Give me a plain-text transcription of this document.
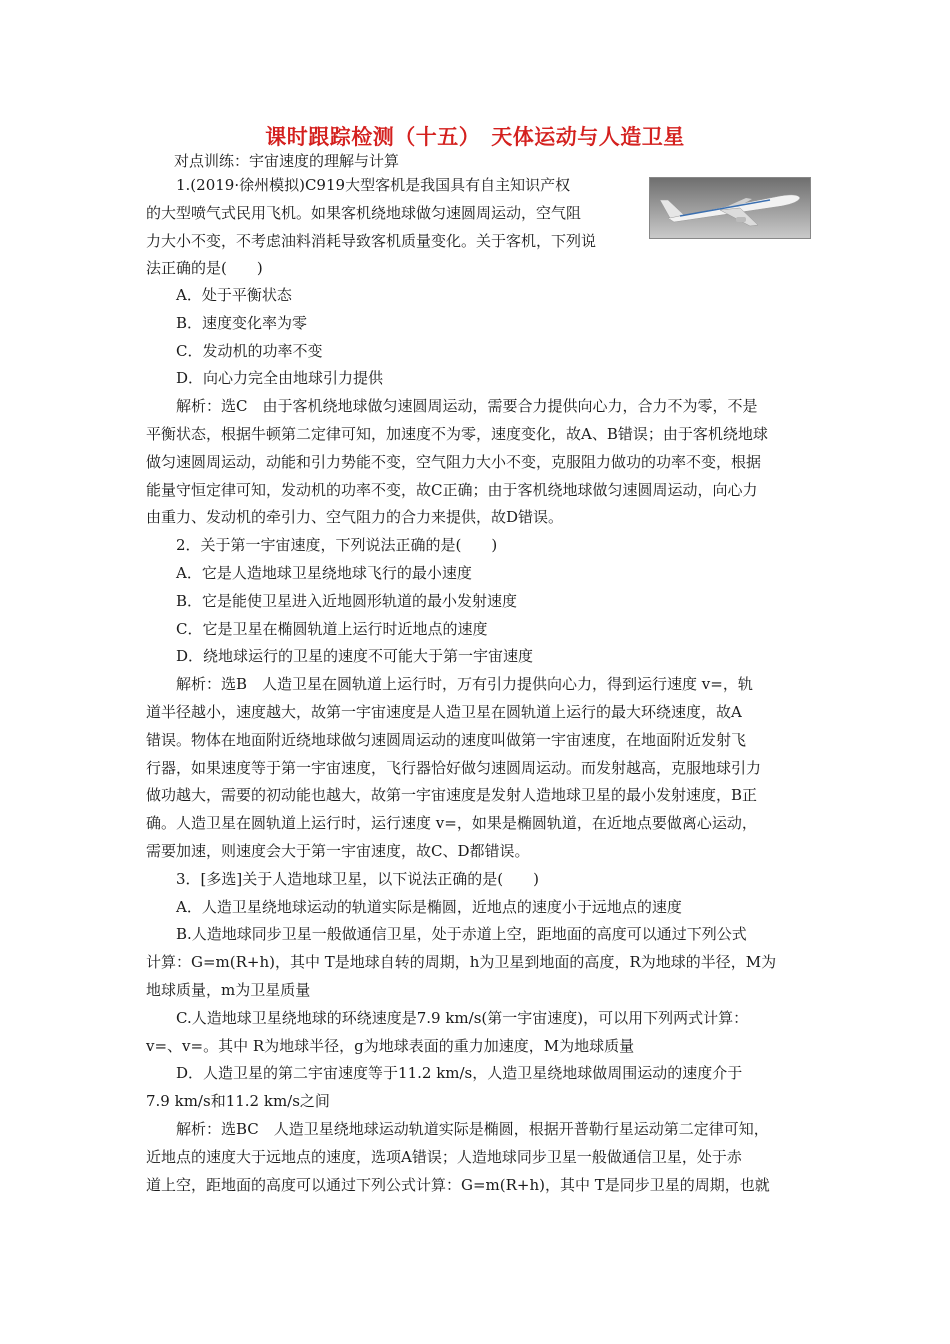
课时跟踪检测（十五）　天体运动与人造卫星
对点训练：宇宙速度的理解与计算

1.(2019·徐州模拟)C919大型客机是我国具有自主知识产权

的大型喷气式民用飞机。如果客机绕地球做匀速圆周运动，空气阻

力大小不变，不考虑油料消耗导致客机质量变化。关于客机，下列说

法正确的是(　　)

A．处于平衡状态

B．速度变化率为零

C．发动机的功率不变

D．向心力完全由地球引力提供

解析：选C　由于客机绕地球做匀速圆周运动，需要合力提供向心力，合力不为零，不是

平衡状态，根据牛顿第二定律可知，加速度不为零，速度变化，故A、B错误；由于客机绕地球

做匀速圆周运动，动能和引力势能不变，空气阻力大小不变，克服阻力做功的功率不变，根据

能量守恒定律可知，发动机的功率不变，故C正确；由于客机绕地球做匀速圆周运动，向心力

由重力、发动机的牵引力、空气阻力的合力来提供，故D错误。

2．关于第一宇宙速度，下列说法正确的是(　　)

A．它是人造地球卫星绕地球飞行的最小速度

B．它是能使卫星进入近地圆形轨道的最小发射速度

C．它是卫星在椭圆轨道上运行时近地点的速度

D．绕地球运行的卫星的速度不可能大于第一宇宙速度

解析：选B　人造卫星在圆轨道上运行时，万有引力提供向心力，得到运行速度 v=，轨

道半径越小，速度越大，故第一宇宙速度是人造卫星在圆轨道上运行的最大环绕速度，故A

错误。物体在地面附近绕地球做匀速圆周运动的速度叫做第一宇宙速度，在地面附近发射飞

行器，如果速度等于第一宇宙速度，飞行器恰好做匀速圆周运动。而发射越高，克服地球引力

做功越大，需要的初动能也越大，故第一宇宙速度是发射人造地球卫星的最小发射速度，B正

确。人造卫星在圆轨道上运行时，运行速度 v=，如果是椭圆轨道，在近地点要做离心运动，

需要加速，则速度会大于第一宇宙速度，故C、D都错误。

3．[多选]关于人造地球卫星，以下说法正确的是(　　)

A．人造卫星绕地球运动的轨道实际是椭圆，近地点的速度小于远地点的速度

B.人造地球同步卫星一般做通信卫星，处于赤道上空，距地面的高度可以通过下列公式

计算：G=m(R+h)，其中 T是地球自转的周期，h为卫星到地面的高度，R为地球的半径，M为

地球质量，m为卫星质量

C.人造地球卫星绕地球的环绕速度是7.9 km/s(第一宇宙速度)，可以用下列两式计算：

v=、v=。其中 R为地球半径，g为地球表面的重力加速度，M为地球质量

D．人造卫星的第二宇宙速度等于11.2 km/s，人造卫星绕地球做周围运动的速度介于

7.9 km/s和11.2 km/s之间

解析：选BC　人造卫星绕地球运动轨道实际是椭圆，根据开普勒行星运动第二定律可知，

近地点的速度大于远地点的速度，选项A错误；人造地球同步卫星一般做通信卫星，处于赤

道上空，距地面的高度可以通过下列公式计算：G=m(R+h)，其中 T是同步卫星的周期，也就
